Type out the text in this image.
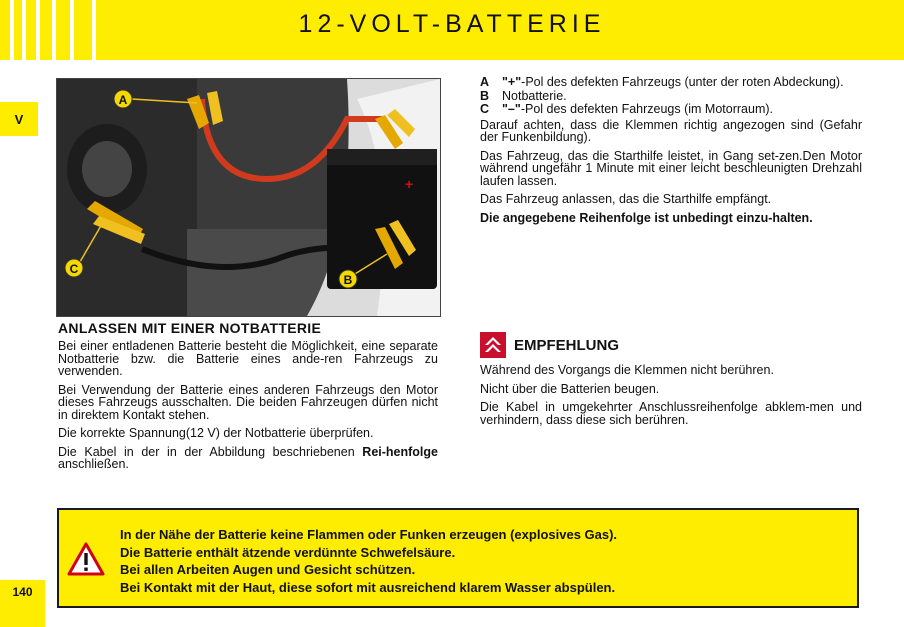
12-VOLT-BATTERIE
V
140
+
A
C
B
ANLASSEN MIT EINER NOTBATTERIE

Bei einer entladenen Batterie besteht die Möglichkeit, eine separate Notbatterie bzw. die Batterie eines ande-ren Fahrzeugs zu verwenden.

Bei Verwendung der Batterie eines anderen Fahrzeugs den Motor dieses Fahrzeugs ausschalten. Die beiden Fahrzeugen dürfen nicht in direktem Kontakt stehen.

Die korrekte Spannung(12 V) der Notbatterie überprüfen.

Die Kabel in der in der Abbildung beschriebenen Rei-henfolge anschließen.

A	"+"-Pol des defekten Fahrzeugs (unter der roten Abdeckung).
B	Notbatterie.
C	"–"-Pol des defekten Fahrzeugs (im Motorraum).

Darauf achten, dass die Klemmen richtig angezogen sind (Gefahr der Funkenbildung).

Das Fahrzeug, das die Starthilfe leistet, in Gang set-zen.Den Motor während ungefähr 1 Minute mit einer leicht beschleunigten Drehzahl laufen lassen.

Das Fahrzeug anlassen, das die Starthilfe empfängt.

Die angegebene Reihenfolge ist unbedingt einzu-halten.

EMPFEHLUNG

Während des Vorgangs die Klemmen nicht berühren.

Nicht über die Batterien beugen.

Die Kabel in umgekehrter Anschlussreihenfolge abklem-men und verhindern, dass diese sich berühren.

In der Nähe der Batterie keine Flammen oder Funken erzeugen (explosives Gas).
Die Batterie enthält ätzende verdünnte Schwefelsäure.
Bei allen Arbeiten Augen und Gesicht schützen.
Bei Kontakt mit der Haut, diese sofort mit ausreichend klarem Wasser abspülen.
